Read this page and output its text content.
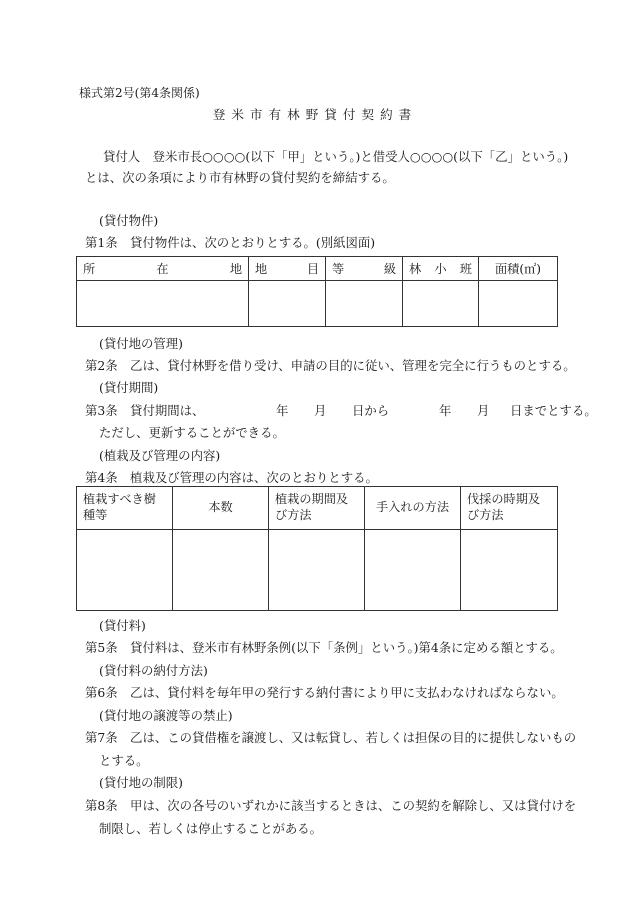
様式第2号(第4条関係)
登米市有林野貸付契約書
貸付人　登米市長○○○○(以下「甲」という。)と借受人○○○○(以下「乙」という。)
とは、次の条項により市有林野の貸付契約を締結する。
(貸付物件)
第1条　貸付物件は、次のとおりとする。(別紙図面)
所 在 地	地 目	等 級	林 小 班	面積(㎡)

(貸付地の管理)
第2条　乙は、貸付林野を借り受け、申請の目的に従い、管理を完全に行うものとする。
(貸付期間)
第3条　貸付期間は、	年 月 日から	年 月 日までとする。
ただし、更新することができる。
(植栽及び管理の内容)
第4条　植栽及び管理の内容は、次のとおりとする。
植栽すべき樹種等	本数	植栽の期間及び方法	手入れの方法	伐採の時期及び方法

(貸付料)
第5条　貸付料は、登米市有林野条例(以下「条例」という。)第4条に定める額とする。
(貸付料の納付方法)
第6条　乙は、貸付料を毎年甲の発行する納付書により甲に支払わなければならない。
(貸付地の譲渡等の禁止)
第7条　乙は、この貸借権を譲渡し、又は転貸し、若しくは担保の目的に提供しないもの
とする。
(貸付地の制限)
第8条　甲は、次の各号のいずれかに該当するときは、この契約を解除し、又は貸付けを
制限し、若しくは停止することがある。
